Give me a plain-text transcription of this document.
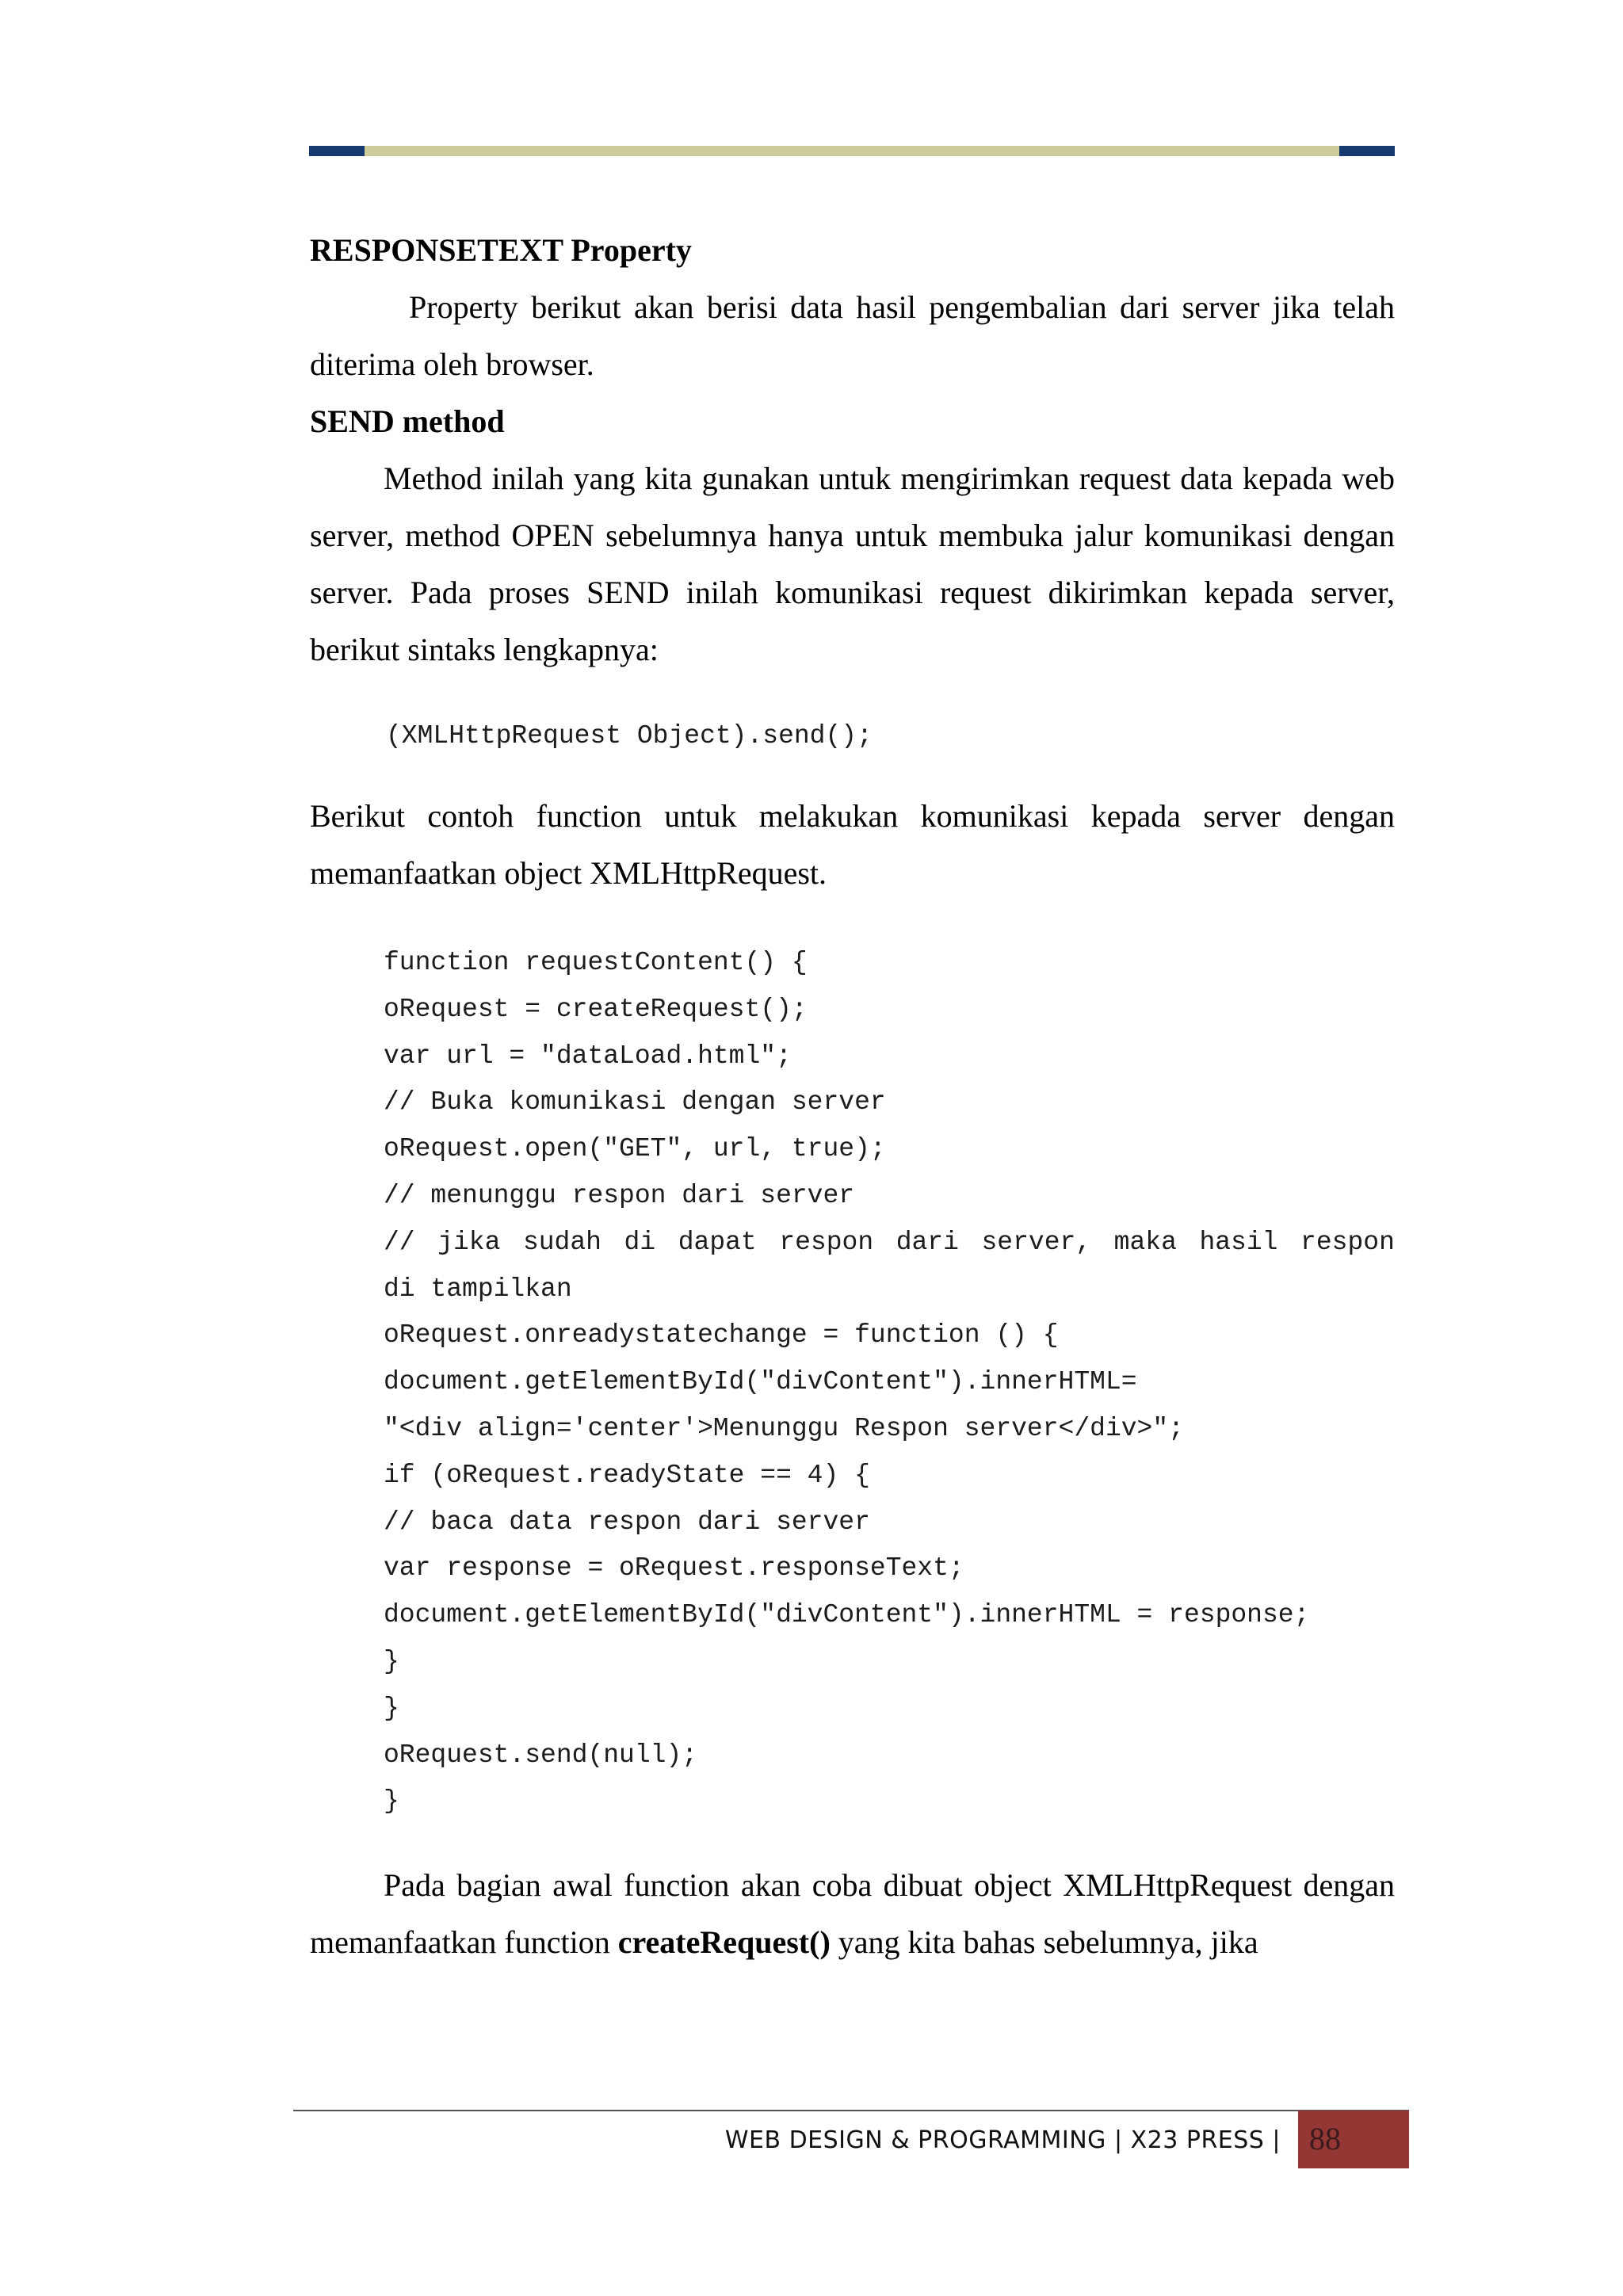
RESPONSETEXT Property

Property berikut akan berisi data hasil pengembalian dari server jika telah diterima oleh browser.

SEND method

Method inilah yang kita gunakan untuk mengirimkan request data kepada web server, method OPEN sebelumnya hanya untuk membuka jalur komunikasi dengan server. Pada proses SEND inilah komunikasi request dikirimkan kepada server, berikut sintaks lengkapnya:

(XMLHttpRequest Object).send();

Berikut contoh function untuk melakukan komunikasi kepada server dengan memanfaatkan object XMLHttpRequest.

function requestContent() {
oRequest = createRequest();
var url = "dataLoad.html";
// Buka komunikasi dengan server
oRequest.open("GET", url, true);
// menunggu respon dari server
// jika sudah di dapat respon dari server, maka hasil respon
di tampilkan
oRequest.onreadystatechange = function () {
document.getElementById("divContent").innerHTML=
"<div align='center'>Menunggu Respon server</div>";
if (oRequest.readyState == 4) {
// baca data respon dari server
var response = oRequest.responseText;
document.getElementById("divContent").innerHTML = response;
}
}
oRequest.send(null);
}

Pada bagian awal function akan coba dibuat object XMLHttpRequest dengan memanfaatkan function createRequest() yang kita bahas sebelumnya, jika

WEB DESIGN & PROGRAMMING | X23 PRESS | 88
